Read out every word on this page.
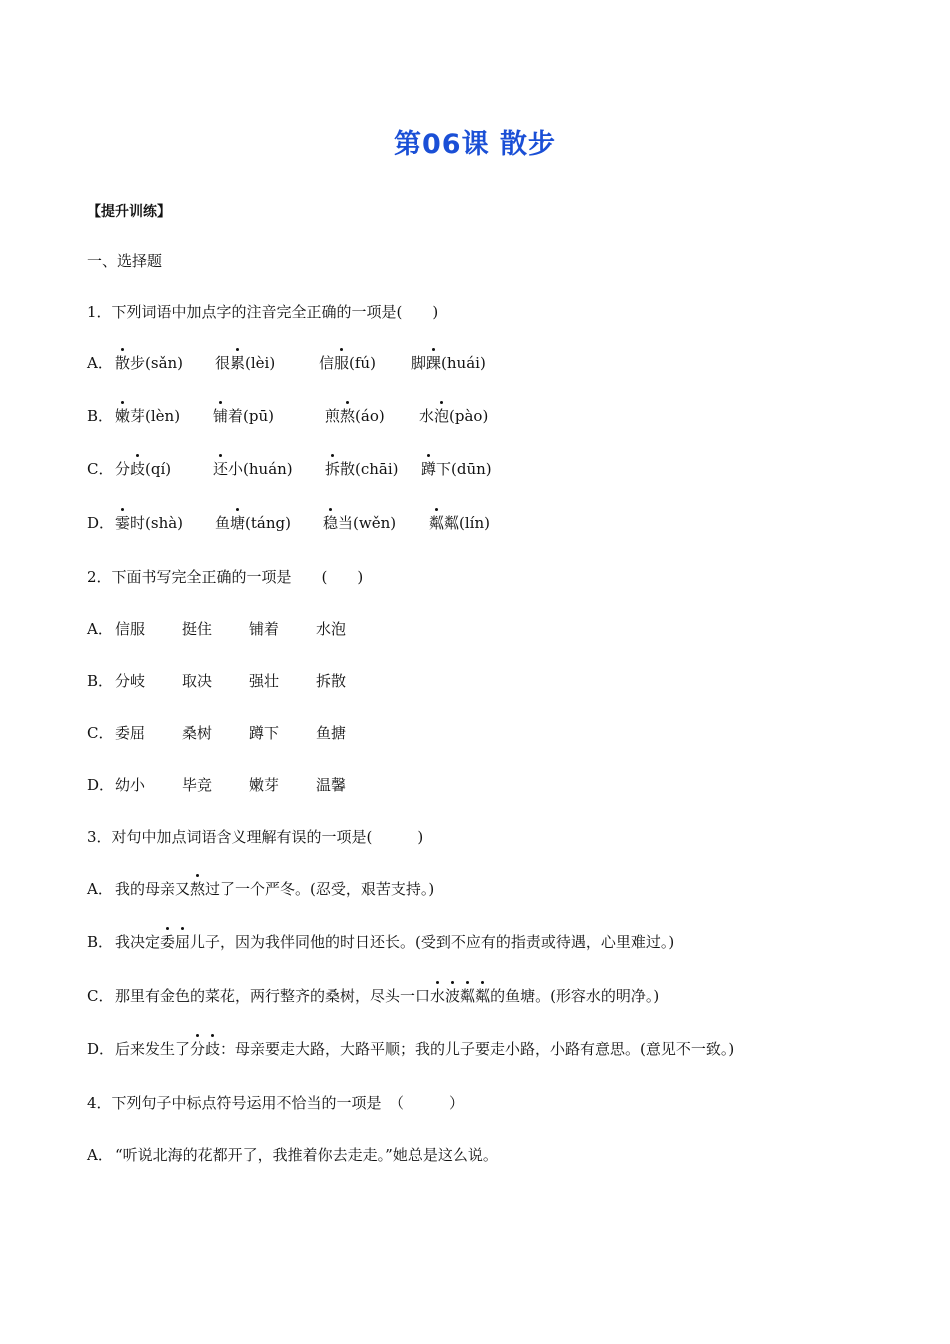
第06课 散步
【提升训练】
一、选择题
1．下列词语中加点字的注音完全正确的一项是(　　)
A． 散步(sǎn) 很累(lèi)	信服(fú) 脚踝(huái)
B． 嫩芽(lèn) 铺着(pū)	煎熬(áo) 水泡(pào)
C． 分歧(qí)	还小(huán) 拆散(chāi) 蹲下(dūn)
D．霎时(shà) 鱼塘(táng) 稳当(wěn) 粼粼(lín)
2．下面书写完全正确的一项是　　(　　)
A． 信服 挺住 铺着 水泡
B． 分岐 取决 强壮 拆散
C． 委屈 桑树 蹲下 鱼搪
D．幼小 毕竞 嫩芽 温馨
3．对句中加点词语含义理解有误的一项是(　　　)
A． 我的母亲又熬过了一个严冬。(忍受，艰苦支持。)
B． 我决定委屈儿子，因为我伴同他的时日还长。(受到不应有的指责或待遇，心里难过。)
C． 那里有金色的菜花，两行整齐的桑树，尽头一口水波粼粼的鱼塘。(形容水的明净。)
D．后来发生了分歧：母亲要走大路，大路平顺；我的儿子要走小路，小路有意思。(意见不一致。)
4．下列句子中标点符号运用不恰当的一项是　（　　　）
A． “听说北海的花都开了，我推着你去走走。”她总是这么说。
